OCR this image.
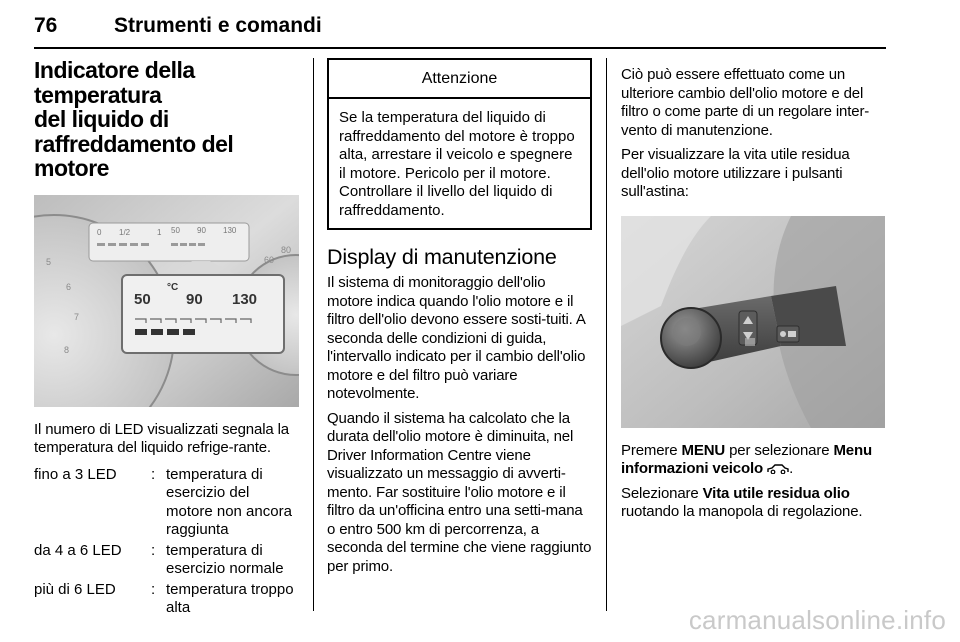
76	Strumenti e comandi
Indicatore della temperatura
del liquido di
raffreddamento del motore
0 1/2	1 50 90 130
50 90 130
°C
5
6
7
8
60
80

Il numero di LED visualizzati segnala la temperatura del liquido refrige-rante.

fino a 3 LED	: temperatura di esercizio del motore non ancora raggiunta
da 4 a 6 LED	: temperatura di esercizio normale
più di 6 LED	: temperatura troppo alta
Attenzione
Se la temperatura del liquido di raffreddamento del motore è troppo alta, arrestare il veicolo e spegnere il motore. Pericolo per il motore. Controllare il livello del liquido di raffreddamento.
Display di manutenzione

Il sistema di monitoraggio dell'olio motore indica quando l'olio motore e il filtro dell'olio devono essere sosti-tuiti. A seconda delle condizioni di guida, l'intervallo indicato per il cambio dell'olio motore e del filtro può variare notevolmente.

Quando il sistema ha calcolato che la durata dell'olio motore è diminuita, nel Driver Information Centre viene visualizzato un messaggio di avverti-mento. Far sostituire l'olio motore e il filtro da un'officina entro una setti-mana o entro 500 km di percorrenza, a seconda del termine che viene raggiunto per primo.

Ciò può essere effettuato come un ulteriore cambio dell'olio motore e del filtro o come parte di un regolare inter-vento di manutenzione.

Per visualizzare la vita utile residua dell'olio motore utilizzare i pulsanti sull'astina:

Premere MENU per selezionare Menu informazioni veicolo .

Selezionare Vita utile residua olio ruotando la manopola di regolazione.

carmanualsonline.info
